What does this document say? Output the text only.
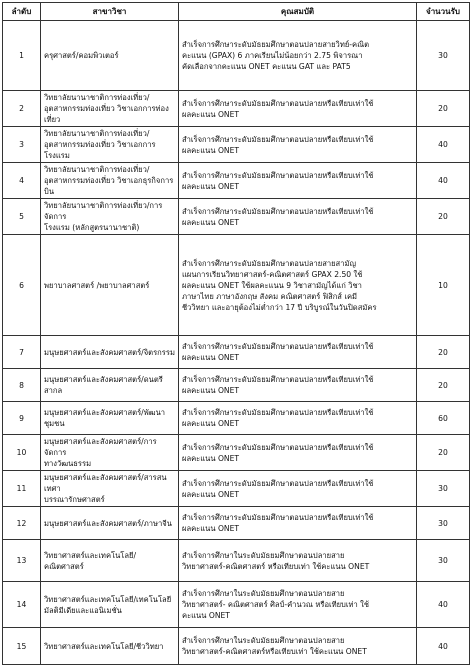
ลำดับ	สาขาวิชา	คุณสมบัติ	จำนวนรับ
1	ครุศาสตร์/คอมพิวเตอร์	สำเร็จการศึกษาระดับมัธยมศึกษาตอนปลายสายวิทย์-คณิต
คะแนน (GPAX) 6 ภาคเรียนไม่น้อยกว่า 2.75 พิจารณา
คัดเลือกจากคะแนน ONET คะแนน GAT และ PAT5	30
2	วิทยาลัยนานาชาติการท่องเที่ยว/
อุตสาหกรรมท่องเที่ยว วิชาเอกการท่องเที่ยว	สำเร็จการศึกษาระดับมัธยมศึกษาตอนปลายหรือเทียบเท่าใช้
ผลคะแนน ONET	20
3	วิทยาลัยนานาชาติการท่องเที่ยว/
อุตสาหกรรมท่องเที่ยว วิชาเอกการโรงแรม	สำเร็จการศึกษาระดับมัธยมศึกษาตอนปลายหรือเทียบเท่าใช้
ผลคะแนน ONET	40
4	วิทยาลัยนานาชาติการท่องเที่ยว/
อุตสาหกรรมท่องเที่ยว วิชาเอกธุรกิจการบิน	สำเร็จการศึกษาระดับมัธยมศึกษาตอนปลายหรือเทียบเท่าใช้
ผลคะแนน ONET	40
5	วิทยาลัยนานาชาติการท่องเที่ยว/การจัดการ
โรงแรม (หลักสูตรนานาชาติ)	สำเร็จการศึกษาระดับมัธยมศึกษาตอนปลายหรือเทียบเท่าใช้
ผลคะแนน ONET	20
6	พยาบาลศาสตร์ /พยาบาลศาสตร์	สำเร็จการศึกษาระดับมัธยมศึกษาตอนปลายสายสามัญ
แผนการเรียนวิทยาศาสตร์-คณิตศาสตร์ GPAX 2.50 ใช้
ผลคะแนน ONET ใช้ผลคะแนน 9 วิชาสามัญได้แก่ วิชา
ภาษาไทย ภาษาอังกฤษ สังคม คณิตศาสตร์ ฟิสิกส์ เคมี
ชีววิทยา และอายุต้องไม่ต่ำกว่า 17 ปี บริบูรณ์ในวันปิดสมัคร	10
7	มนุษยศาสตร์และสังคมศาสตร์/จิตรกรรม	สำเร็จการศึกษาระดับมัธยมศึกษาตอนปลายหรือเทียบเท่าใช้
ผลคะแนน ONET	20
8	มนุษยศาสตร์และสังคมศาสตร์/ดนตรีสากล	สำเร็จการศึกษาระดับมัธยมศึกษาตอนปลายหรือเทียบเท่าใช้
ผลคะแนน ONET	20
9	มนุษยศาสตร์และสังคมศาสตร์/พัฒนาชุมชน	สำเร็จการศึกษาระดับมัธยมศึกษาตอนปลายหรือเทียบเท่าใช้
ผลคะแนน ONET	60
10	มนุษยศาสตร์และสังคมศาสตร์/การจัดการ
ทางวัฒนธรรม	สำเร็จการศึกษาระดับมัธยมศึกษาตอนปลายหรือเทียบเท่าใช้
ผลคะแนน ONET	20
11	มนุษยศาสตร์และสังคมศาสตร์/สารสนเทศา
บรรณารักษศาสตร์	สำเร็จการศึกษาระดับมัธยมศึกษาตอนปลายหรือเทียบเท่าใช้
ผลคะแนน ONET	30
12	มนุษยศาสตร์และสังคมศาสตร์/ภาษาจีน	สำเร็จการศึกษาระดับมัธยมศึกษาตอนปลายหรือเทียบเท่าใช้
ผลคะแนน ONET	30
13	วิทยาศาสตร์และเทคโนโลยี/คณิตศาสตร์	สำเร็จการศึกษาในระดับมัธยมศึกษาตอนปลายสาย
วิทยาศาสตร์-คณิตศาสตร์ หรือเทียบเท่า ใช้คะแนน ONET	30
14	วิทยาศาสตร์และเทคโนโลยี/เทคโนโลยี
มัลติมีเดียและแอนิเมชั่น	สำเร็จการศึกษาในระดับมัธยมศึกษาตอนปลายสาย
วิทยาศาสตร์- คณิตศาสตร์ ศิลป์-คำนวณ หรือเทียบเท่า ใช้
คะแนน ONET	40
15	วิทยาศาสตร์และเทคโนโลยี/ชีววิทยา	สำเร็จการศึกษาในระดับมัธยมศึกษาตอนปลายสาย
วิทยาศาสตร์-คณิตศาสตร์หรือเทียบเท่า ใช้คะแนน ONET	40
